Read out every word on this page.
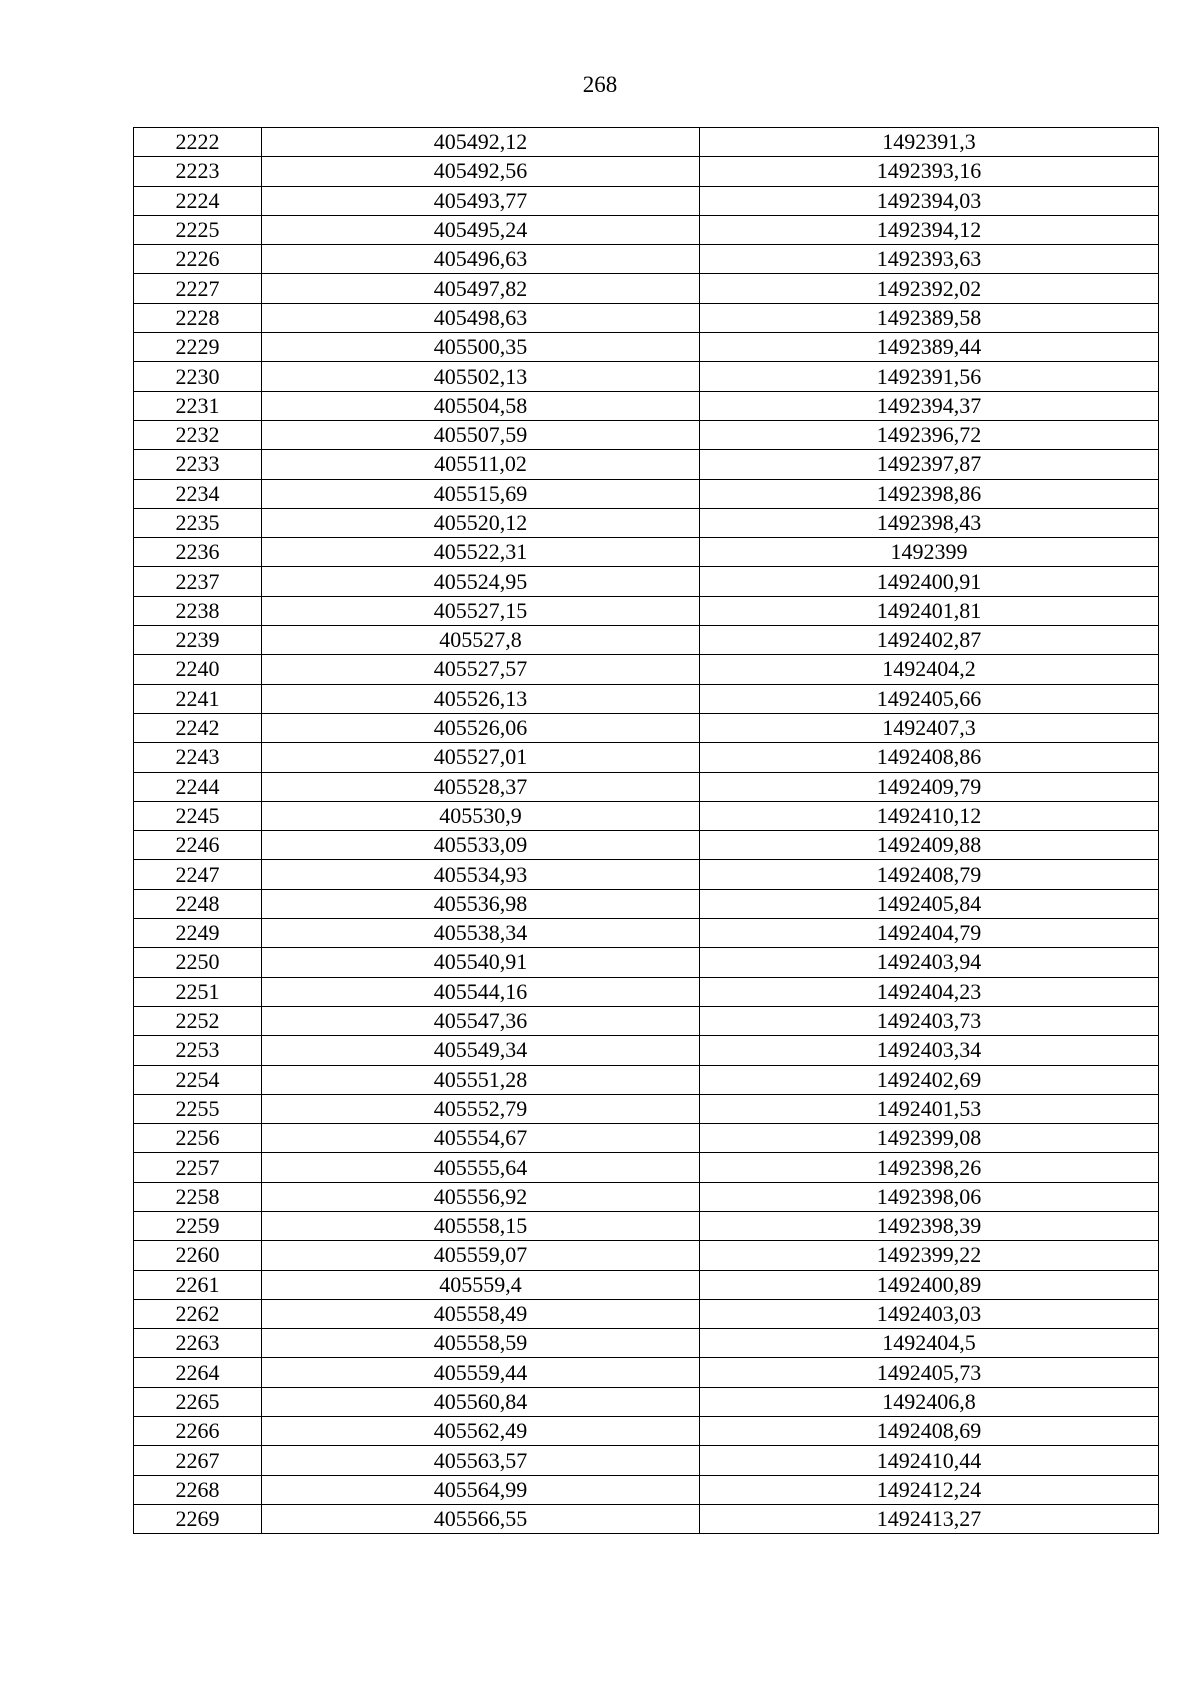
268
2222	405492,12	1492391,3
2223	405492,56	1492393,16
2224	405493,77	1492394,03
2225	405495,24	1492394,12
2226	405496,63	1492393,63
2227	405497,82	1492392,02
2228	405498,63	1492389,58
2229	405500,35	1492389,44
2230	405502,13	1492391,56
2231	405504,58	1492394,37
2232	405507,59	1492396,72
2233	405511,02	1492397,87
2234	405515,69	1492398,86
2235	405520,12	1492398,43
2236	405522,31	1492399
2237	405524,95	1492400,91
2238	405527,15	1492401,81
2239	405527,8	1492402,87
2240	405527,57	1492404,2
2241	405526,13	1492405,66
2242	405526,06	1492407,3
2243	405527,01	1492408,86
2244	405528,37	1492409,79
2245	405530,9	1492410,12
2246	405533,09	1492409,88
2247	405534,93	1492408,79
2248	405536,98	1492405,84
2249	405538,34	1492404,79
2250	405540,91	1492403,94
2251	405544,16	1492404,23
2252	405547,36	1492403,73
2253	405549,34	1492403,34
2254	405551,28	1492402,69
2255	405552,79	1492401,53
2256	405554,67	1492399,08
2257	405555,64	1492398,26
2258	405556,92	1492398,06
2259	405558,15	1492398,39
2260	405559,07	1492399,22
2261	405559,4	1492400,89
2262	405558,49	1492403,03
2263	405558,59	1492404,5
2264	405559,44	1492405,73
2265	405560,84	1492406,8
2266	405562,49	1492408,69
2267	405563,57	1492410,44
2268	405564,99	1492412,24
2269	405566,55	1492413,27
